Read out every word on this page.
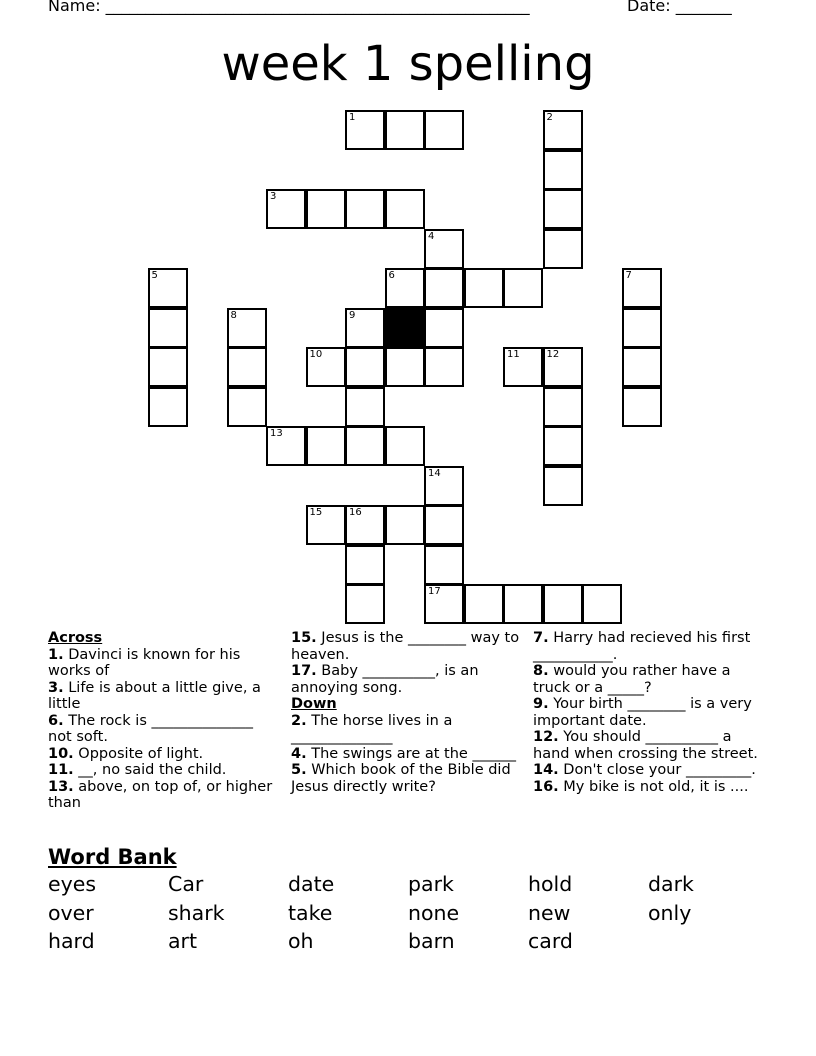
Name: _____________________________________________________	Date: _______
week 1 spelling
1	2
3
4
5	6	7
8	9
10	11	12
13
14
15	16
17
Across
1. Davinci is known for his works of
3. Life is about a little give, a little
6. The rock is ______________ not soft.
10. Opposite of light.
11. __, no said the child.
13. above, on top of, or higher than
15. Jesus is the ________ way to heaven.
17. Baby __________, is an annoying song.
Down
2. The horse lives in a ______________
4. The swings are at the ______
5. Which book of the Bible did Jesus directly write?
7. Harry had recieved his first ___________.
8. would you rather have a truck or a _____?
9. Your birth ________ is a very important date.
12. You should __________ a hand when crossing the street.
14. Don't close your _________.
16. My bike is not old, it is ....
Word Bank
eyes	Car	date	park	hold	dark
over	shark	take	none	new	only
hard	art	oh	barn	card
